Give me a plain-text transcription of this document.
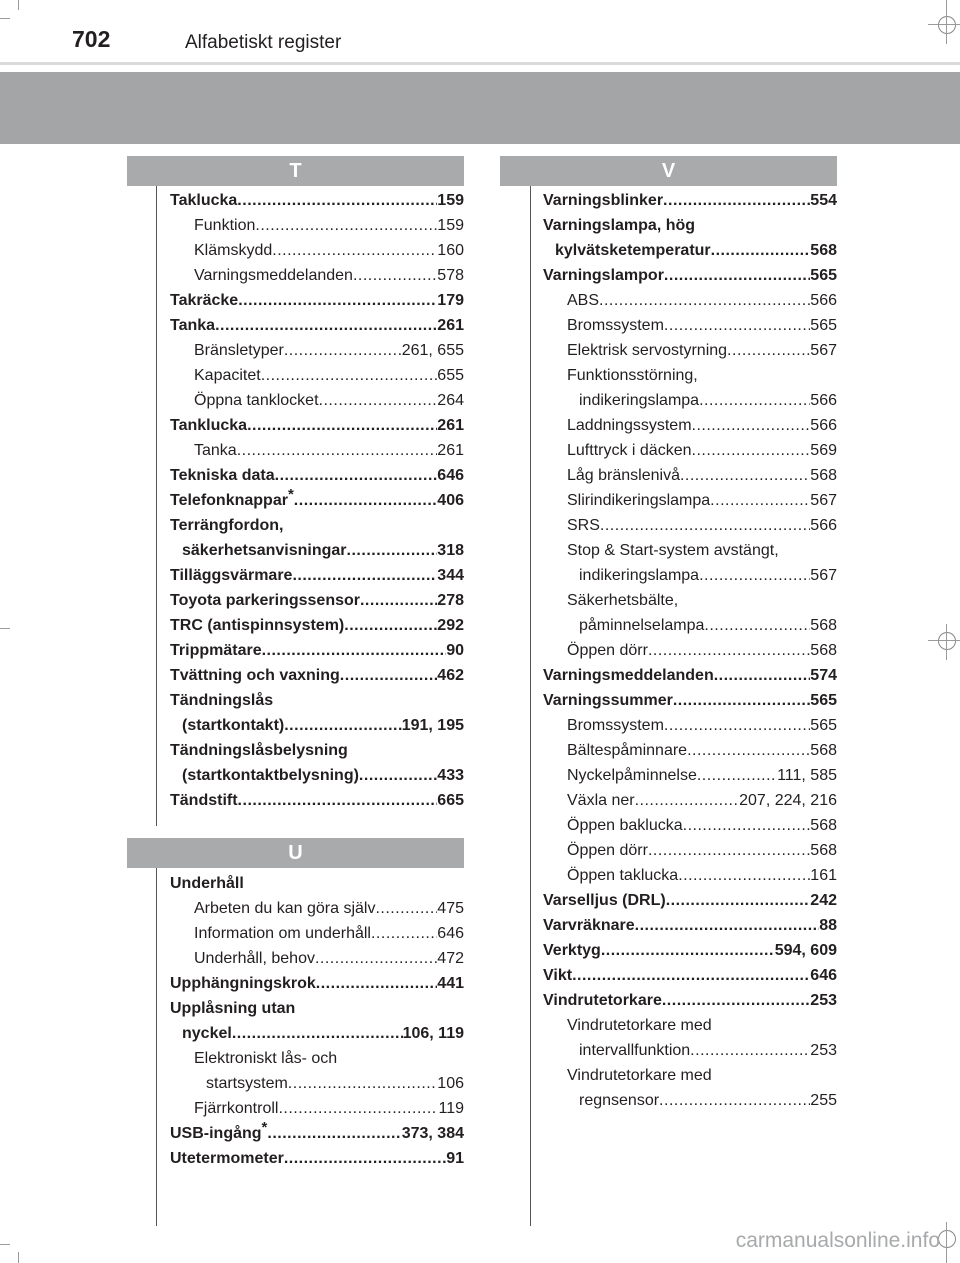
702	Alfabetiskt register
T
Taklucka .....	159
Funktion .....	159
Klämskydd .....	160
Varningsmeddelanden .....	578
Takräcke .....	179
Tanka .....	261
Bränsletyper .....	261, 655
Kapacitet .....	655
Öppna tanklocket .....	264
Tanklucka .....	261
Tanka .....	261
Tekniska data .....	646
Telefonknappar* .....	406
Terrängfordon,
säkerhetsanvisningar .....	318
Tilläggsvärmare .....	344
Toyota parkeringssensor .....	278
TRC (antispinnsystem) .....	292
Trippmätare .....	90
Tvättning och vaxning .....	462
Tändningslås
(startkontakt) .....	191, 195
Tändningslåsbelysning
(startkontaktbelysning) .....	433
Tändstift .....	665
U
Underhåll
Arbeten du kan göra själv .....	475
Information om underhåll .....	646
Underhåll, behov .....	472
Upphängningskrok .....	441
Upplåsning utan
nyckel .....	106, 119
Elektroniskt lås- och
startsystem .....	106
Fjärrkontroll .....	119
USB-ingång* .....	373, 384
Utetermometer .....	91
V
Varningsblinker .....	554
Varningslampa, hög
kylvätsketemperatur .....	568
Varningslampor .....	565
ABS .....	566
Bromssystem .....	565
Elektrisk servostyrning .....	567
Funktionsstörning,
indikeringslampa .....	566
Laddningssystem .....	566
Lufttryck i däcken .....	569
Låg bränslenivå .....	568
Slirindikeringslampa .....	567
SRS .....	566
Stop & Start-system avstängt,
indikeringslampa .....	567
Säkerhetsbälte,
påminnelselampa .....	568
Öppen dörr .....	568
Varningsmeddelanden .....	574
Varningssummer .....	565
Bromssystem .....	565
Bältespåminnare .....	568
Nyckelpåminnelse .....	111, 585
Växla ner .....	207, 224, 216
Öppen baklucka .....	568
Öppen dörr .....	568
Öppen taklucka .....	161
Varselljus (DRL) .....	242
Varvräknare .....	88
Verktyg .....	594, 609
Vikt .....	646
Vindrutetorkare .....	253
Vindrutetorkare med
intervallfunktion .....	253
Vindrutetorkare med
regnsensor .....	255
carmanualsonline.info
